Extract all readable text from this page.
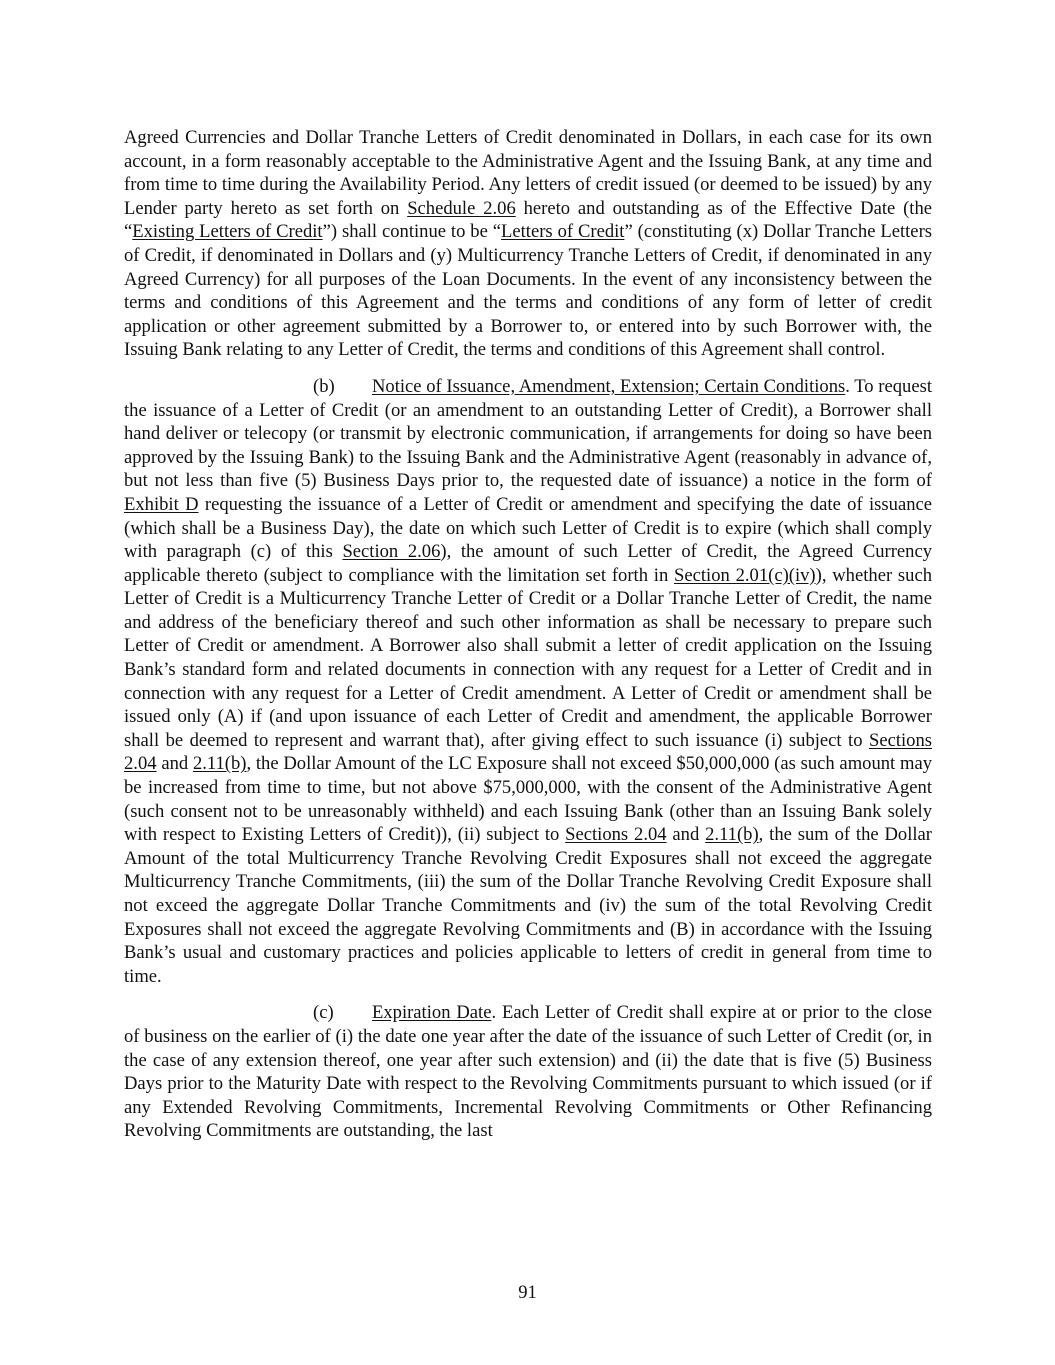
Agreed Currencies and Dollar Tranche Letters of Credit denominated in Dollars, in each case for its own account, in a form reasonably acceptable to the Administrative Agent and the Issuing Bank, at any time and from time to time during the Availability Period. Any letters of credit issued (or deemed to be issued) by any Lender party hereto as set forth on Schedule 2.06 hereto and outstanding as of the Effective Date (the “Existing Letters of Credit”) shall continue to be “Letters of Credit” (constituting (x) Dollar Tranche Letters of Credit, if denominated in Dollars and (y) Multicurrency Tranche Letters of Credit, if denominated in any Agreed Currency) for all purposes of the Loan Documents. In the event of any inconsistency between the terms and conditions of this Agreement and the terms and conditions of any form of letter of credit application or other agreement submitted by a Borrower to, or entered into by such Borrower with, the Issuing Bank relating to any Letter of Credit, the terms and conditions of this Agreement shall control.

(b) Notice of Issuance, Amendment, Extension; Certain Conditions. To request the issuance of a Letter of Credit (or an amendment to an outstanding Letter of Credit), a Borrower shall hand deliver or telecopy (or transmit by electronic communication, if arrangements for doing so have been approved by the Issuing Bank) to the Issuing Bank and the Administrative Agent (reasonably in advance of, but not less than five (5) Business Days prior to, the requested date of issuance) a notice in the form of Exhibit D requesting the issuance of a Letter of Credit or amendment and specifying the date of issuance (which shall be a Business Day), the date on which such Letter of Credit is to expire (which shall comply with paragraph (c) of this Section 2.06), the amount of such Letter of Credit, the Agreed Currency applicable thereto (subject to compliance with the limitation set forth in Section 2.01(c)(iv)), whether such Letter of Credit is a Multicurrency Tranche Letter of Credit or a Dollar Tranche Letter of Credit, the name and address of the beneficiary thereof and such other information as shall be necessary to prepare such Letter of Credit or amendment. A Borrower also shall submit a letter of credit application on the Issuing Bank’s standard form and related documents in connection with any request for a Letter of Credit and in connection with any request for a Letter of Credit amendment. A Letter of Credit or amendment shall be issued only (A) if (and upon issuance of each Letter of Credit and amendment, the applicable Borrower shall be deemed to represent and warrant that), after giving effect to such issuance (i) subject to Sections 2.04 and 2.11(b), the Dollar Amount of the LC Exposure shall not exceed $50,000,000 (as such amount may be increased from time to time, but not above $75,000,000, with the consent of the Administrative Agent (such consent not to be unreasonably withheld) and each Issuing Bank (other than an Issuing Bank solely with respect to Existing Letters of Credit)), (ii) subject to Sections 2.04 and 2.11(b), the sum of the Dollar Amount of the total Multicurrency Tranche Revolving Credit Exposures shall not exceed the aggregate Multicurrency Tranche Commitments, (iii) the sum of the Dollar Tranche Revolving Credit Exposure shall not exceed the aggregate Dollar Tranche Commitments and (iv) the sum of the total Revolving Credit Exposures shall not exceed the aggregate Revolving Commitments and (B) in accordance with the Issuing Bank’s usual and customary practices and policies applicable to letters of credit in general from time to time.

(c) Expiration Date. Each Letter of Credit shall expire at or prior to the close of business on the earlier of (i) the date one year after the date of the issuance of such Letter of Credit (or, in the case of any extension thereof, one year after such extension) and (ii) the date that is five (5) Business Days prior to the Maturity Date with respect to the Revolving Commitments pursuant to which issued (or if any Extended Revolving Commitments, Incremental Revolving Commitments or Other Refinancing Revolving Commitments are outstanding, the last

91
